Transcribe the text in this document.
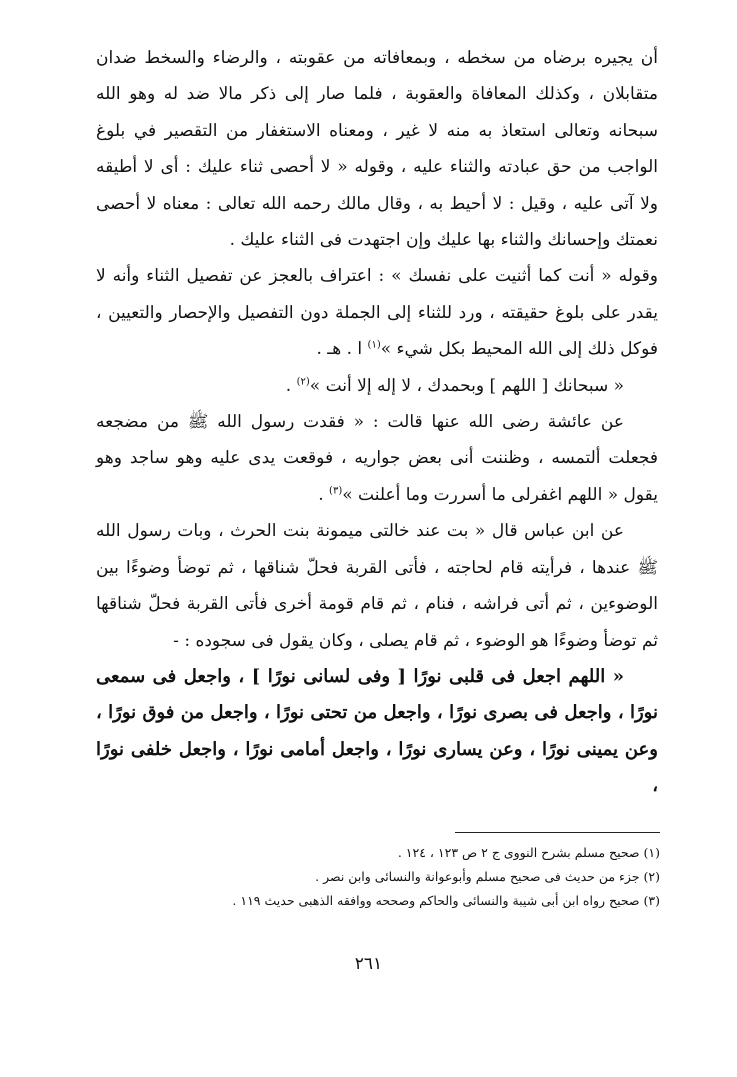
أن يجيره برضاه من سخطه ، وبمعافاته من عقوبته ، والرضاء والسخط ضدان متقابلان ، وكذلك المعافاة والعقوبة ، فلما صار إلى ذكر مالا ضد له وهو الله سبحانه وتعالى استعاذ به منه لا غير ، ومعناه الاستغفار من التقصير في بلوغ الواجب من حق عبادته والثناء عليه ، وقوله « لا أحصى ثناء عليك : أى لا أطيقه ولا آتى عليه ، وقيل : لا أحيط به ، وقال مالك رحمه الله تعالى : معناه لا أحصى نعمتك وإحسانك والثناء بها عليك وإن اجتهدت فى الثناء عليك .

وقوله « أنت كما أثنيت على نفسك » : اعتراف بالعجز عن تفصيل الثناء وأنه لا يقدر على بلوغ حقيقته ، ورد للثناء إلى الجملة دون التفصيل والإحصار والتعيين ، فوكل ذلك إلى الله المحيط بكل شيء »$^{(١)}$ ا . هـ .

« سبحانك [ اللهم ] وبحمدك ، لا إله إلا أنت »$^{(٢)}$ .

عن عائشة رضى الله عنها قالت : « فقدت رسول الله ﷺ من مضجعه فجعلت ألتمسه ، وظننت أنى بعض جواريه ، فوقعت يدى عليه وهو ساجد وهو يقول « اللهم اغفرلى ما أسررت وما أعلنت »$^{(٣)}$ .

عن ابن عباس قال « بت عند خالتى ميمونة بنت الحرث ، وبات رسول الله ﷺ عندها ، فرأيته قام لحاجته ، فأتى القربة فحلّ شناقها ، ثم توضأ وضوءًا بين الوضوءين ، ثم أتى فراشه ، فنام ، ثم قام قومة أخرى فأتى القربة فحلّ شناقها ثم توضأ وضوءًا هو الوضوء ، ثم قام يصلى ، وكان يقول فى سجوده : -

« اللهم اجعل فى قلبى نورًا [ وفى لسانى نورًا ] ، واجعل فى سمعى نورًا ، واجعل فى بصرى نورًا ، واجعل من تحتى نورًا ، واجعل من فوق نورًا ، وعن يمينى نورًا ، وعن يسارى نورًا ، واجعل أمامى نورًا ، واجعل خلفى نورًا ،

(١) صحيح مسلم بشرح النووى ج ٢ ص ١٢٣ ، ١٢٤ .
(٢) جزء من حديث فى صحيح مسلم وأبوعوانة والنسائى وابن نصر .
(٣) صحيح رواه ابن أبى شيبة والنسائى والحاكم وصححه ووافقه الذهبى حديث ١١٩ .
٢٦١
